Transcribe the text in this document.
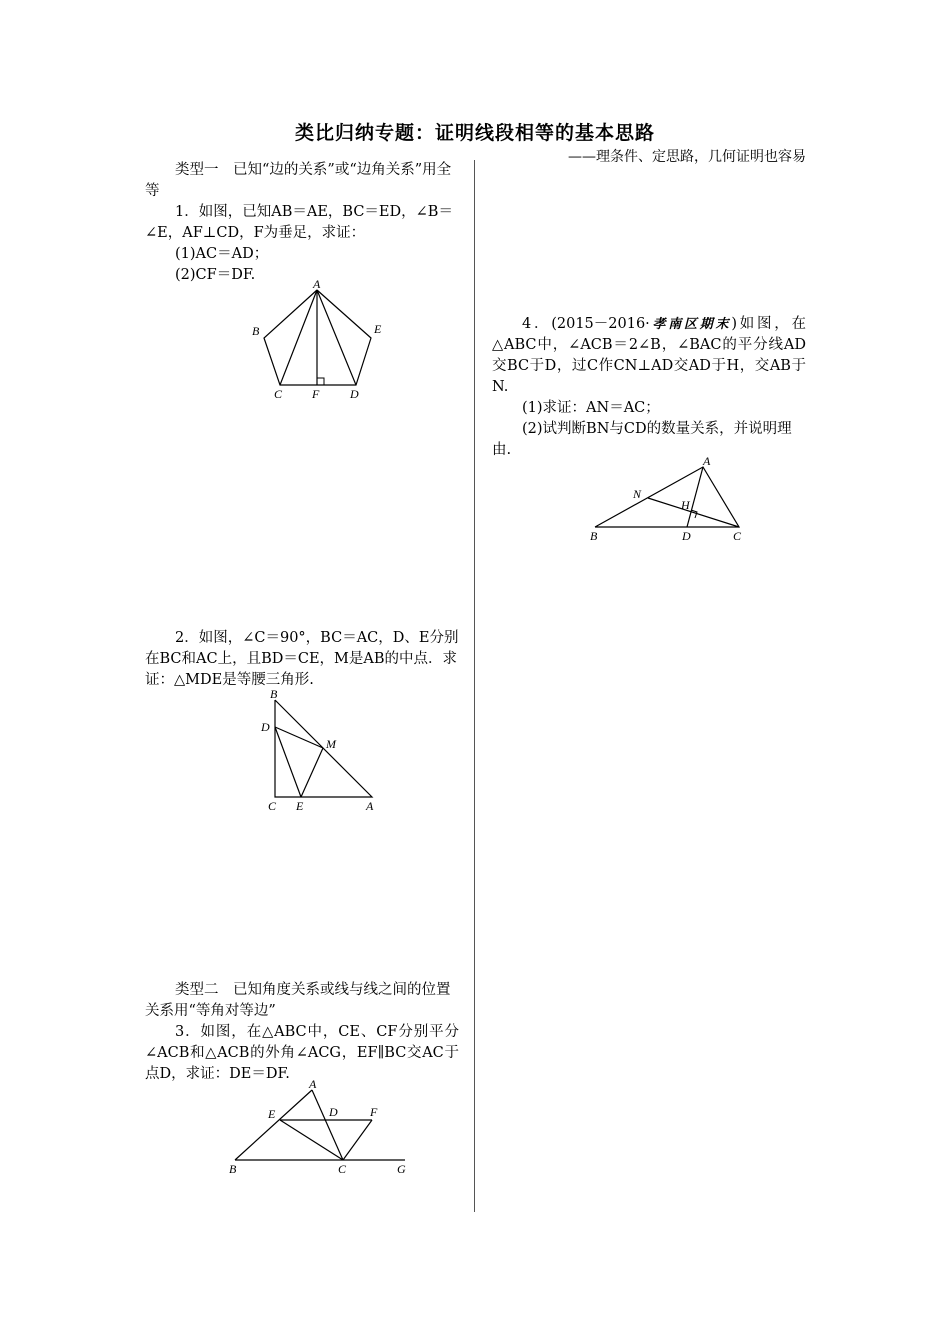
类比归纳专题：证明线段相等的基本思路
——理条件、定思路，几何证明也容易

类型一　已知“边的关系”或“边角关系”用全等

1．如图，已知AB＝AE，BC＝ED，∠B＝∠E，AF⊥CD，F为垂足，求证：

(1)AC＝AD；

(2)CF＝DF.

A
B	E
C F	D

2．如图，∠C＝90°，BC＝AC，D、E分别在BC和AC上，且BD＝CE，M是AB的中点．求证：△MDE是等腰三角形.

B
D
M
C E	A

类型二　已知角度关系或线与线之间的位置关系用“等角对等边”

3．如图，在△ABC中，CE、CF分别平分∠ACB和△ACB的外角∠ACG，EF∥BC交AC于点D，求证：DE＝DF.

A
E	D	F
B	C	G

4．(2015－2016·孝南区期末)如图，在△ABC中，∠ACB＝2∠B，∠BAC的平分线AD交BC于D，过C作CN⊥AD交AD于H，交AB于N.

(1)求证：AN＝AC；

(2)试判断BN与CD的数量关系，并说明理由.

A
N
H
B	D	C
